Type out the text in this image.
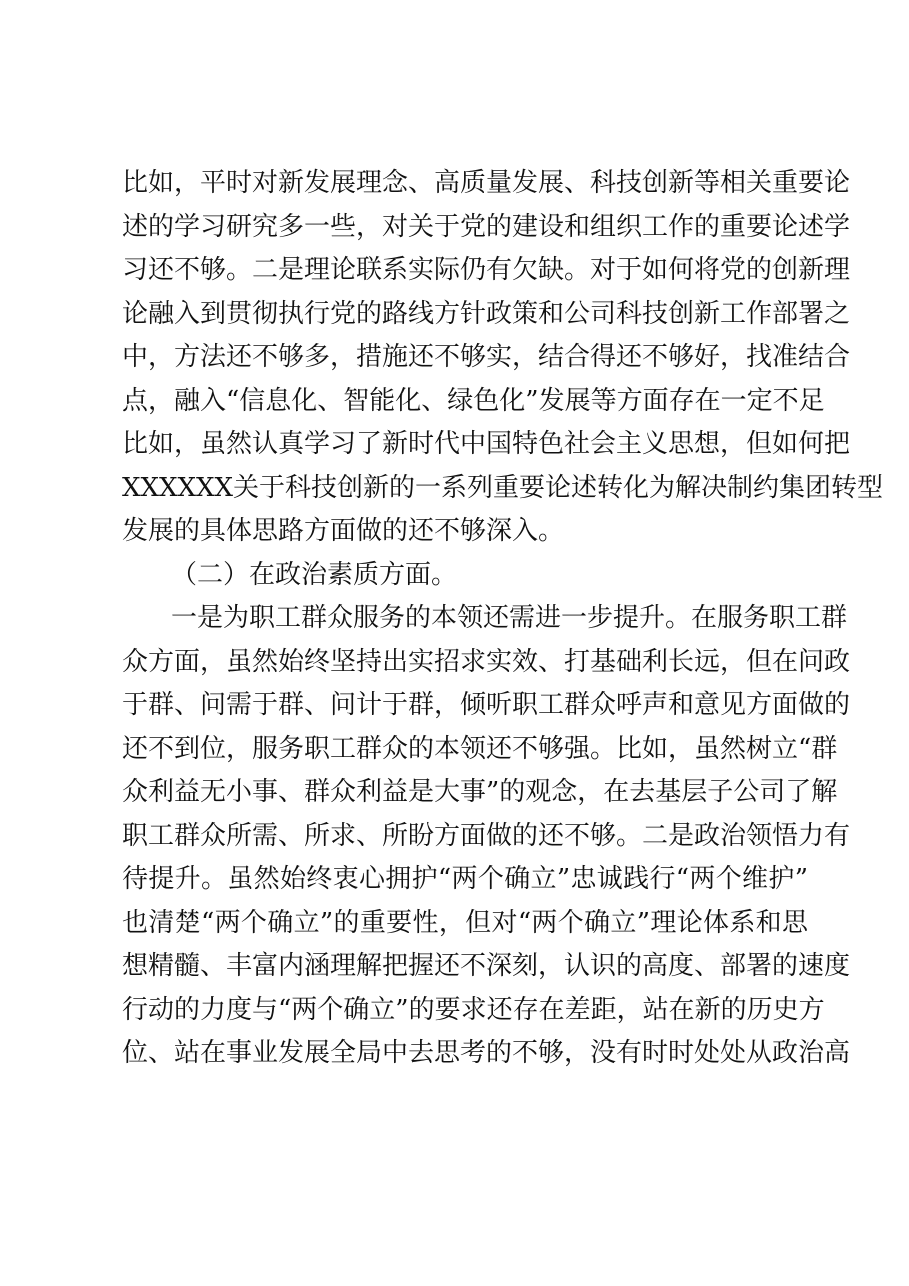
比如，平时对新发展理念、高质量发展、科技创新等相关重要论
述的学习研究多一些，对关于党的建设和组织工作的重要论述学
习还不够。二是理论联系实际仍有欠缺。对于如何将党的创新理
论融入到贯彻执行党的路线方针政策和公司科技创新工作部署之
中，方法还不够多，措施还不够实，结合得还不够好，找准结合
点，融入“信息化、智能化、绿色化”发展等方面存在一定不足
比如，虽然认真学习了新时代中国特色社会主义思想，但如何把
XXXXXX关于科技创新的一系列重要论述转化为解决制约集团转型
发展的具体思路方面做的还不够深入。
（二）在政治素质方面。
一是为职工群众服务的本领还需进一步提升。在服务职工群
众方面，虽然始终坚持出实招求实效、打基础利长远，但在问政
于群、问需于群、问计于群，倾听职工群众呼声和意见方面做的
还不到位，服务职工群众的本领还不够强。比如，虽然树立“群
众利益无小事、群众利益是大事”的观念，在去基层子公司了解
职工群众所需、所求、所盼方面做的还不够。二是政治领悟力有
待提升。虽然始终衷心拥护“两个确立”忠诚践行“两个维护”
也清楚“两个确立”的重要性，但对“两个确立”理论体系和思
想精髓、丰富内涵理解把握还不深刻，认识的高度、部署的速度
行动的力度与“两个确立”的要求还存在差距，站在新的历史方
位、站在事业发展全局中去思考的不够，没有时时处处从政治高
